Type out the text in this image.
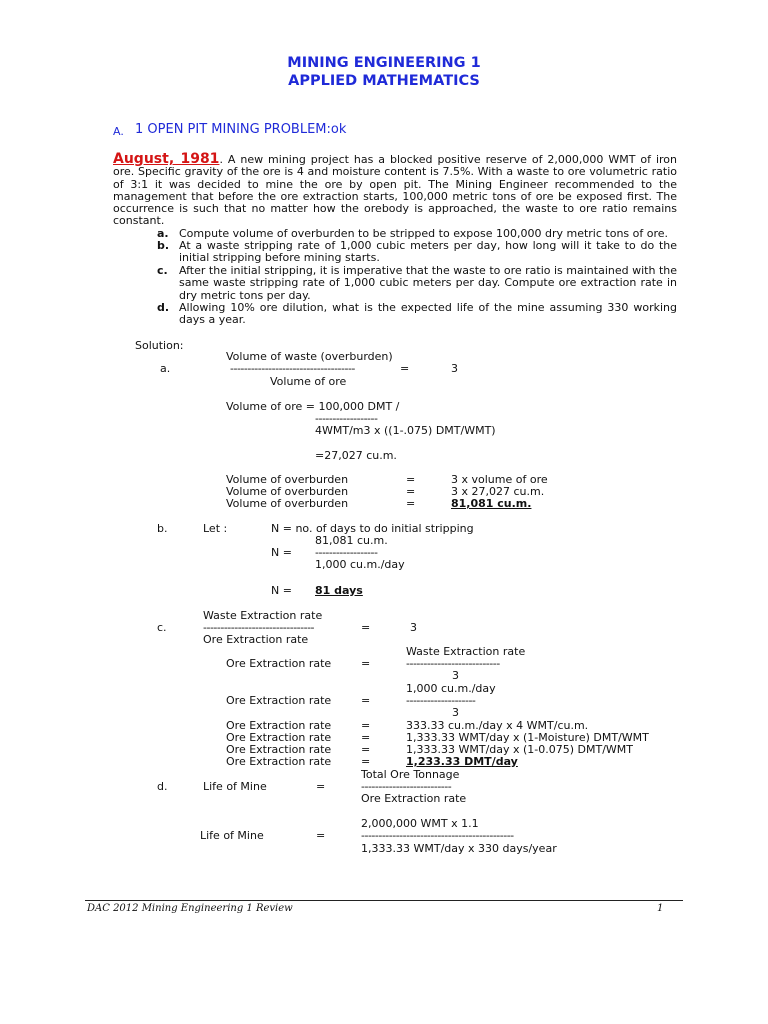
MINING ENGINEERING 1
APPLIED MATHEMATICS
A. 1 OPEN PIT MINING PROBLEM:ok
August, 1981. A new mining project has a blocked positive reserve of 2,000,000 WMT of iron ore. Specific gravity of the ore is 4 and moisture content is 7.5%. With a waste to ore volumetric ratio of 3:1 it was decided to mine the ore by open pit. The Mining Engineer recommended to the management that before the ore extraction starts, 100,000 metric tons of ore be exposed first. The occurrence is such that no matter how the orebody is approached, the waste to ore ratio remains constant.
a. Compute volume of overburden to be stripped to expose 100,000 dry metric tons of ore.
b. At a waste stripping rate of 1,000 cubic meters per day, how long will it take to do the initial stripping before mining starts.
c. After the initial stripping, it is imperative that the waste to ore ratio is maintained with the same waste stripping rate of 1,000 cubic meters per day. Compute ore extraction rate in dry metric tons per day.
d. Allowing 10% ore dilution, what is the expected life of the mine assuming 330 working days a year.
Solution:
Volume of waste (overburden)
a.	------------------------------------	=	3
Volume of ore
Volume of ore = 100,000 DMT /
------------------
4WMT/m3 x ((1-.075) DMT/WMT)
=27,027 cu.m.
Volume of overburden	=	3 x volume of ore
Volume of overburden	=	3 x 27,027 cu.m.
Volume of overburden	=	81,081 cu.m.
b.	Let :	N = no. of days to do initial stripping
81,081 cu.m.
N = ------------------
1,000 cu.m./day
N = 81 days
Waste Extraction rate
c.	--------------------------------	=	3
Ore Extraction rate
Waste Extraction rate
Ore Extraction rate	=	---------------------------
3
1,000 cu.m./day
Ore Extraction rate	=	--------------------
3
Ore Extraction rate	=	333.33 cu.m./day x 4 WMT/cu.m.
Ore Extraction rate	=	1,333.33 WMT/day x (1-Moisture) DMT/WMT
Ore Extraction rate	=	1,333.33 WMT/day x (1-0.075) DMT/WMT
Ore Extraction rate	=	1,233.33 DMT/day
Total Ore Tonnage
d.	Life of Mine	=	--------------------------
Ore Extraction rate
2,000,000 WMT x 1.1
Life of Mine	=	--------------------------------------------
1,333.33 WMT/day x 330 days/year
DAC 2012 Mining Engineering 1 Review	1
